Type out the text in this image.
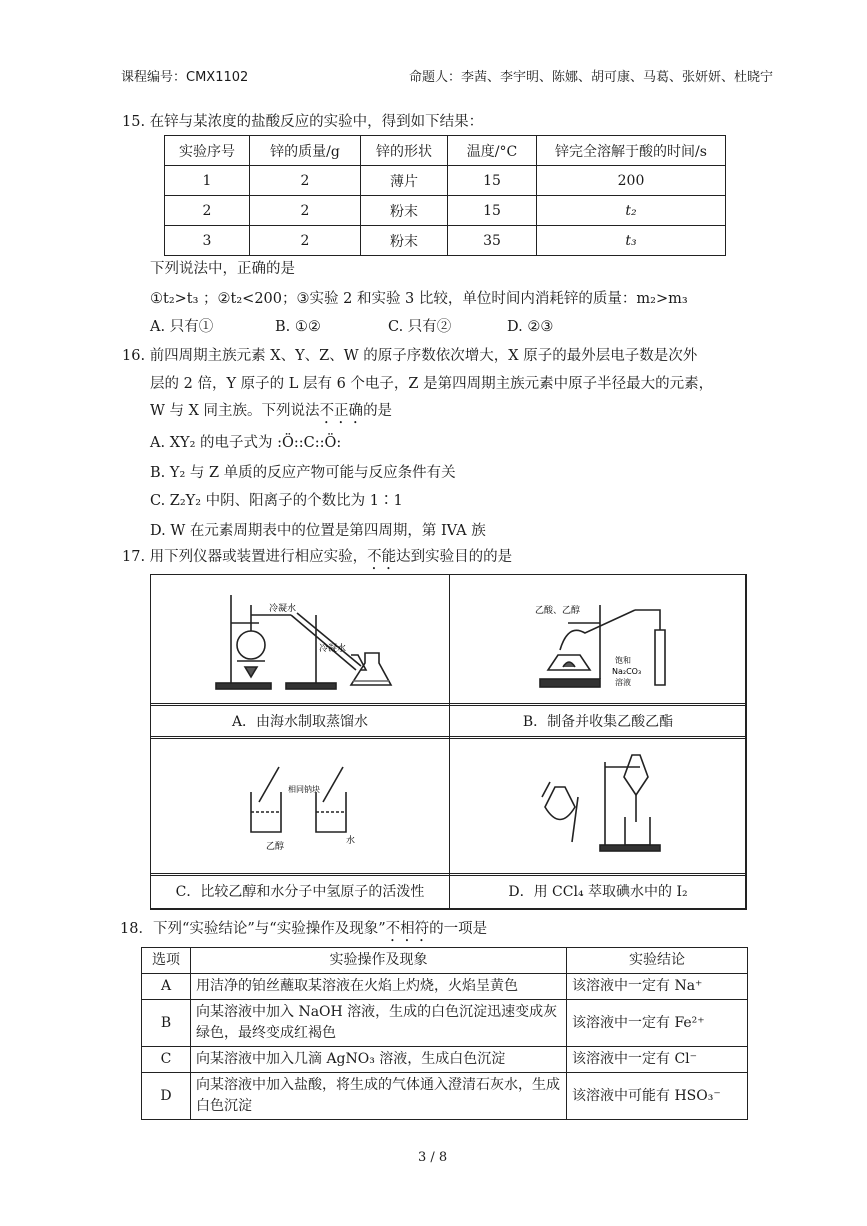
课程编号：CMX1102	命题人：李茜、李宇明、陈娜、胡可康、马葛、张妍妍、杜晓宁
15. 在锌与某浓度的盐酸反应的实验中，得到如下结果：
实验序号	锌的质量/g	锌的形状	温度/°C	锌完全溶解于酸的时间/s
1	2	薄片	15	200
2	2	粉末	15	t₂
3	2	粉末	35	t₃
下列说法中，正确的是
①t₂>t₃ ；②t₂<200；③实验 2 和实验 3 比较，单位时间内消耗锌的质量：m₂>m₃
A. 只有①	B. ①②	C. 只有②	D. ②③
16. 前四周期主族元素 X、Y、Z、W 的原子序数依次增大，X 原子的最外层电子数是次外
层的 2 倍，Y 原子的 L 层有 6 个电子，Z 是第四周期主族元素中原子半径最大的元素，
W 与 X 同主族。下列说法不正确的是
A. XY₂ 的电子式为 :Ö::C::Ö:
B. Y₂ 与 Z 单质的反应产物可能与反应条件有关
C. Z₂Y₂ 中阴、阳离子的个数比为 1∶1
D. W 在元素周期表中的位置是第四周期，第 IVA 族
17. 用下列仪器或装置进行相应实验，不能达到实验目的的是
冷凝水
冷凝水
乙酸、乙醇
饱和
Na₂CO₃
溶液
A．由海水制取蒸馏水	B．制备并收集乙酸乙酯
相同钠块
乙醇
水
C．比较乙醇和水分子中氢原子的活泼性	D．用 CCl₄ 萃取碘水中的 I₂
18．下列“实验结论”与“实验操作及现象”不相符的一项是
选项	实验操作及现象	实验结论
A	用洁净的铂丝蘸取某溶液在火焰上灼烧，火焰呈黄色	该溶液中一定有 Na⁺
B	向某溶液中加入 NaOH 溶液，生成的白色沉淀迅速变成灰绿色，最终变成红褐色	该溶液中一定有 Fe²⁺
C	向某溶液中加入几滴 AgNO₃ 溶液，生成白色沉淀	该溶液中一定有 Cl⁻
D	向某溶液中加入盐酸，将生成的气体通入澄清石灰水，生成白色沉淀	该溶液中可能有 HSO₃⁻
3 / 8
